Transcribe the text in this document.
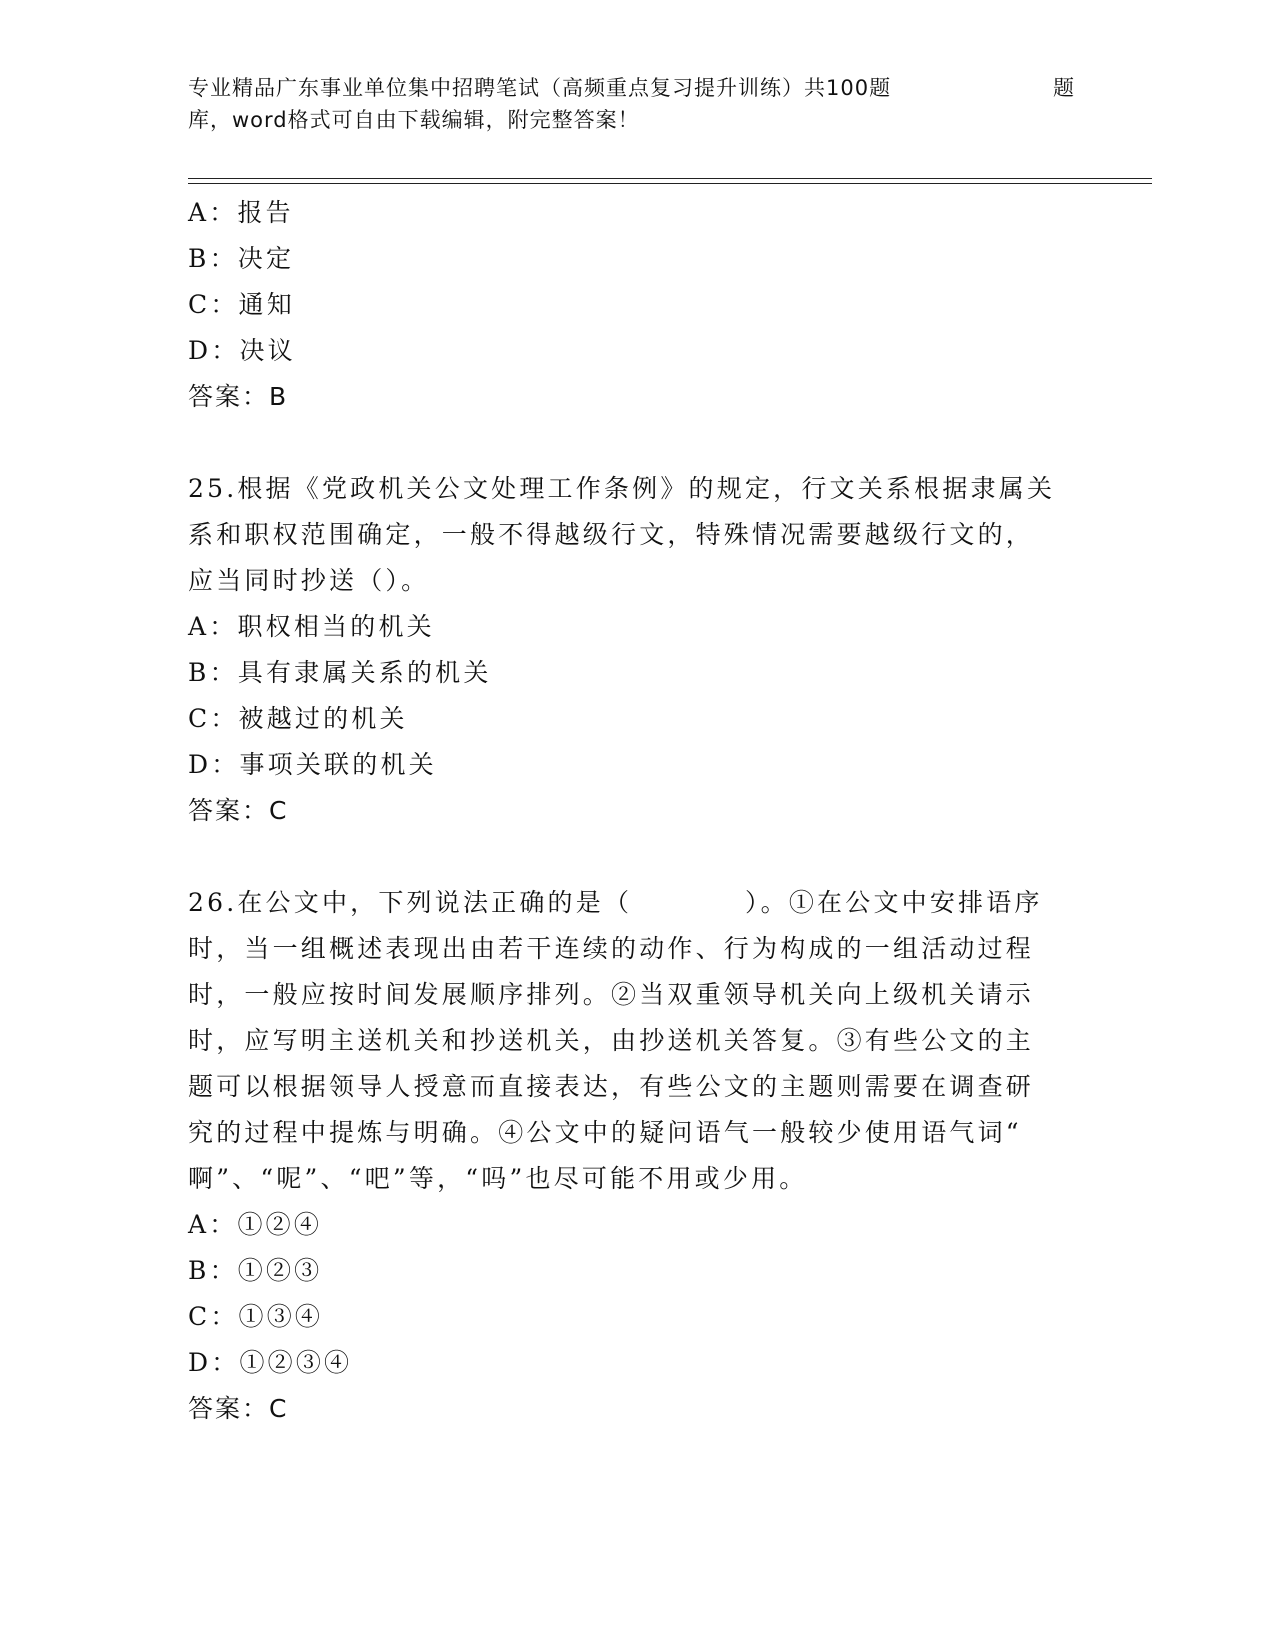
专业精品广东事业单位集中招聘笔试（高频重点复习提升训练）共100题	题
库，word格式可自由下载编辑，附完整答案！
A：报告
B：决定
C：通知
D：决议
答案：B
25.根据《党政机关公文处理工作条例》的规定，行文关系根据隶属关
系和职权范围确定，一般不得越级行文，特殊情况需要越级行文的，
应当同时抄送（）。
A：职权相当的机关
B：具有隶属关系的机关
C：被越过的机关
D：事项关联的机关
答案：C
26.在公文中，下列说法正确的是（　　　　）。①在公文中安排语序
时，当一组概述表现出由若干连续的动作、行为构成的一组活动过程
时，一般应按时间发展顺序排列。②当双重领导机关向上级机关请示
时，应写明主送机关和抄送机关，由抄送机关答复。③有些公文的主
题可以根据领导人授意而直接表达，有些公文的主题则需要在调查研
究的过程中提炼与明确。④公文中的疑问语气一般较少使用语气词“
啊”、“呢”、“吧”等，“吗”也尽可能不用或少用。
A：①②④
B：①②③
C：①③④
D：①②③④
答案：C
